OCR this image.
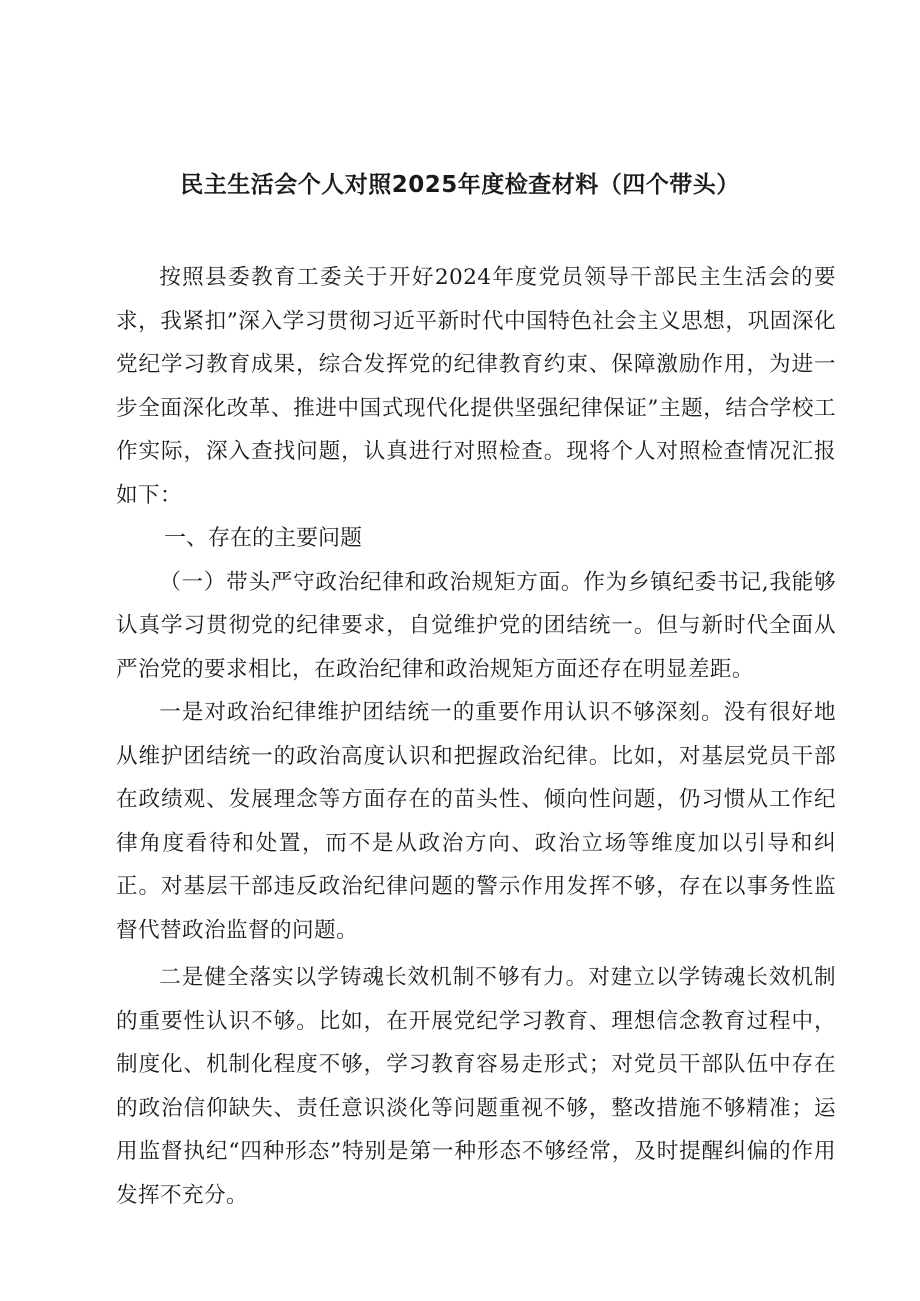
民主生活会个人对照2025年度检查材料（四个带头）

按照县委教育工委关于开好2024年度党员领导干部民主生活会的要求，我紧扣”深入学习贯彻习近平新时代中国特色社会主义思想，巩固深化党纪学习教育成果，综合发挥党的纪律教育约束、保障激励作用，为进一步全面深化改革、推进中国式现代化提供坚强纪律保证”主题，结合学校工作实际，深入查找问题，认真进行对照检查。现将个人对照检查情况汇报如下：

一、存在的主要问题

（一）带头严守政治纪律和政治规矩方面。作为乡镇纪委书记,我能够认真学习贯彻党的纪律要求，自觉维护党的团结统一。但与新时代全面从严治党的要求相比，在政治纪律和政治规矩方面还存在明显差距。

一是对政治纪律维护团结统一的重要作用认识不够深刻。没有很好地从维护团结统一的政治高度认识和把握政治纪律。比如，对基层党员干部在政绩观、发展理念等方面存在的苗头性、倾向性问题，仍习惯从工作纪律角度看待和处置，而不是从政治方向、政治立场等维度加以引导和纠正。对基层干部违反政治纪律问题的警示作用发挥不够，存在以事务性监督代替政治监督的问题。

二是健全落实以学铸魂长效机制不够有力。对建立以学铸魂长效机制的重要性认识不够。比如，在开展党纪学习教育、理想信念教育过程中，制度化、机制化程度不够，学习教育容易走形式；对党员干部队伍中存在的政治信仰缺失、责任意识淡化等问题重视不够，整改措施不够精准；运用监督执纪“四种形态”特别是第一种形态不够经常，及时提醒纠偏的作用发挥不充分。
